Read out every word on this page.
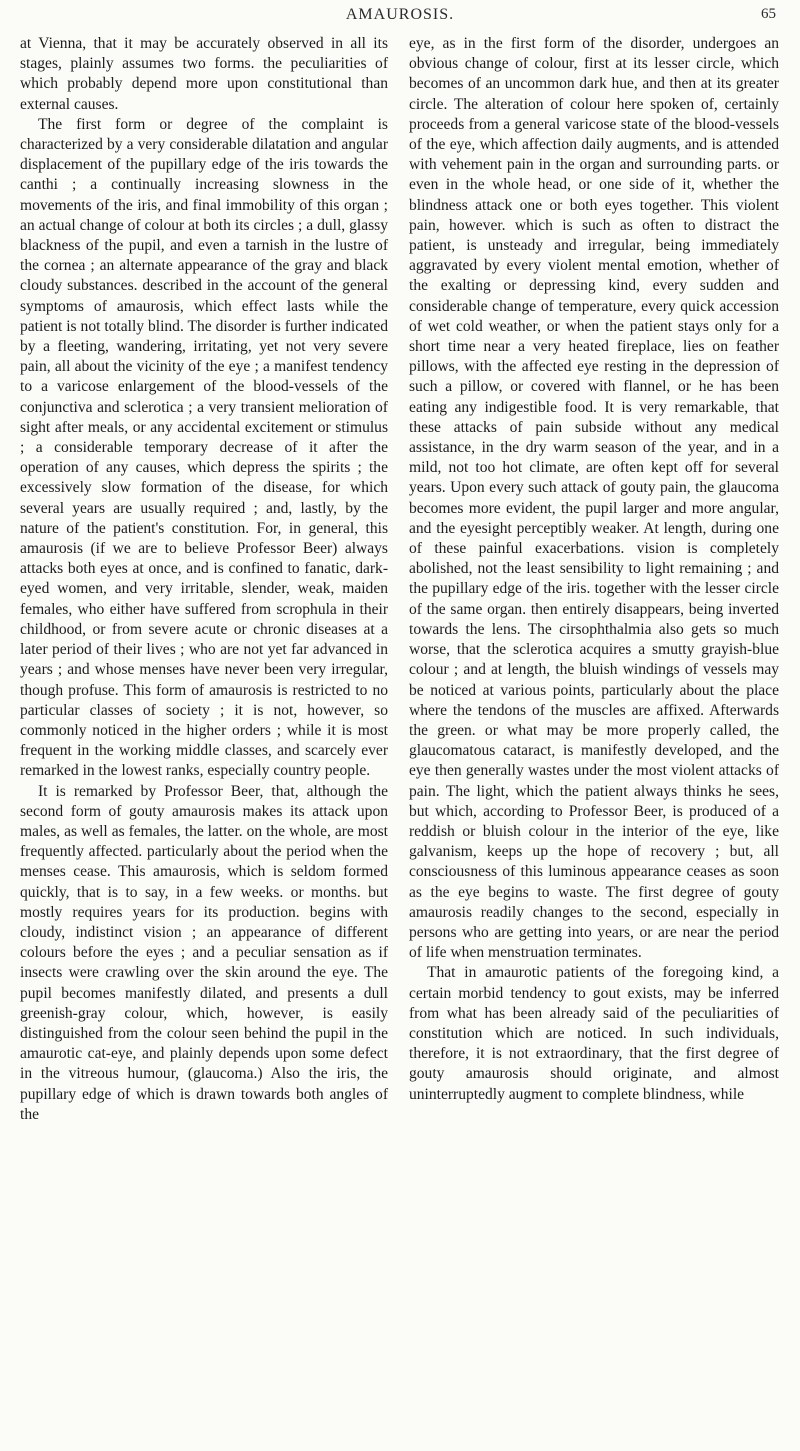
AMAUROSIS.	65

at Vienna, that it may be accurately observed in all its stages, plainly assumes two forms. the peculiarities of which probably depend more upon constitutional than external causes.

The first form or degree of the complaint is characterized by a very considerable dilatation and angular displacement of the pupillary edge of the iris towards the canthi ; a continually increasing slowness in the movements of the iris, and final immobility of this organ ; an actual change of colour at both its circles ; a dull, glassy blackness of the pupil, and even a tarnish in the lustre of the cornea ; an alternate appearance of the gray and black cloudy substances. described in the account of the general symptoms of amaurosis, which effect lasts while the patient is not totally blind. The disorder is further indicated by a fleeting, wandering, irritating, yet not very severe pain, all about the vicinity of the eye ; a manifest tendency to a varicose enlargement of the blood-vessels of the conjunctiva and sclerotica ; a very transient melioration of sight after meals, or any accidental excitement or stimulus ; a considerable temporary decrease of it after the operation of any causes, which depress the spirits ; the excessively slow formation of the disease, for which several years are usually required ; and, lastly, by the nature of the patient's constitution. For, in general, this amaurosis (if we are to believe Professor Beer) always attacks both eyes at once, and is confined to fanatic, dark-eyed women, and very irritable, slender, weak, maiden females, who either have suffered from scrophula in their childhood, or from severe acute or chronic diseases at a later period of their lives ; who are not yet far advanced in years ; and whose menses have never been very irregular, though profuse. This form of amaurosis is restricted to no particular classes of society ; it is not, however, so commonly noticed in the higher orders ; while it is most frequent in the working middle classes, and scarcely ever remarked in the lowest ranks, especially country people.

It is remarked by Professor Beer, that, although the second form of gouty amaurosis makes its attack upon males, as well as females, the latter. on the whole, are most frequently affected. particularly about the period when the menses cease. This amaurosis, which is seldom formed quickly, that is to say, in a few weeks. or months. but mostly requires years for its production. begins with cloudy, indistinct vision ; an appearance of different colours before the eyes ; and a peculiar sensation as if insects were crawling over the skin around the eye. The pupil becomes manifestly dilated, and presents a dull greenish-gray colour, which, however, is easily distinguished from the colour seen behind the pupil in the amaurotic cat-eye, and plainly depends upon some defect in the vitreous humour, (glaucoma.) Also the iris, the pupillary edge of which is drawn towards both angles of the

eye, as in the first form of the disorder, undergoes an obvious change of colour, first at its lesser circle, which becomes of an uncommon dark hue, and then at its greater circle. The alteration of colour here spoken of, certainly proceeds from a general varicose state of the blood-vessels of the eye, which affection daily augments, and is attended with vehement pain in the organ and surrounding parts. or even in the whole head, or one side of it, whether the blindness attack one or both eyes together. This violent pain, however. which is such as often to distract the patient, is unsteady and irregular, being immediately aggravated by every violent mental emotion, whether of the exalting or depressing kind, every sudden and considerable change of temperature, every quick accession of wet cold weather, or when the patient stays only for a short time near a very heated fireplace, lies on feather pillows, with the affected eye resting in the depression of such a pillow, or covered with flannel, or he has been eating any indigestible food. It is very remarkable, that these attacks of pain subside without any medical assistance, in the dry warm season of the year, and in a mild, not too hot climate, are often kept off for several years. Upon every such attack of gouty pain, the glaucoma becomes more evident, the pupil larger and more angular, and the eyesight perceptibly weaker. At length, during one of these painful exacerbations. vision is completely abolished, not the least sensibility to light remaining ; and the pupillary edge of the iris. together with the lesser circle of the same organ. then entirely disappears, being inverted towards the lens. The cirsophthalmia also gets so much worse, that the sclerotica acquires a smutty grayish-blue colour ; and at length, the bluish windings of vessels may be noticed at various points, particularly about the place where the tendons of the muscles are affixed. Afterwards the green. or what may be more properly called, the glaucomatous cataract, is manifestly developed, and the eye then generally wastes under the most violent attacks of pain. The light, which the patient always thinks he sees, but which, according to Professor Beer, is produced of a reddish or bluish colour in the interior of the eye, like galvanism, keeps up the hope of recovery ; but, all consciousness of this luminous appearance ceases as soon as the eye begins to waste. The first degree of gouty amaurosis readily changes to the second, especially in persons who are getting into years, or are near the period of life when menstruation terminates.

That in amaurotic patients of the foregoing kind, a certain morbid tendency to gout exists, may be inferred from what has been already said of the peculiarities of constitution which are noticed. In such individuals, therefore, it is not extraordinary, that the first degree of gouty amaurosis should originate, and almost uninterruptedly augment to complete blindness, while
